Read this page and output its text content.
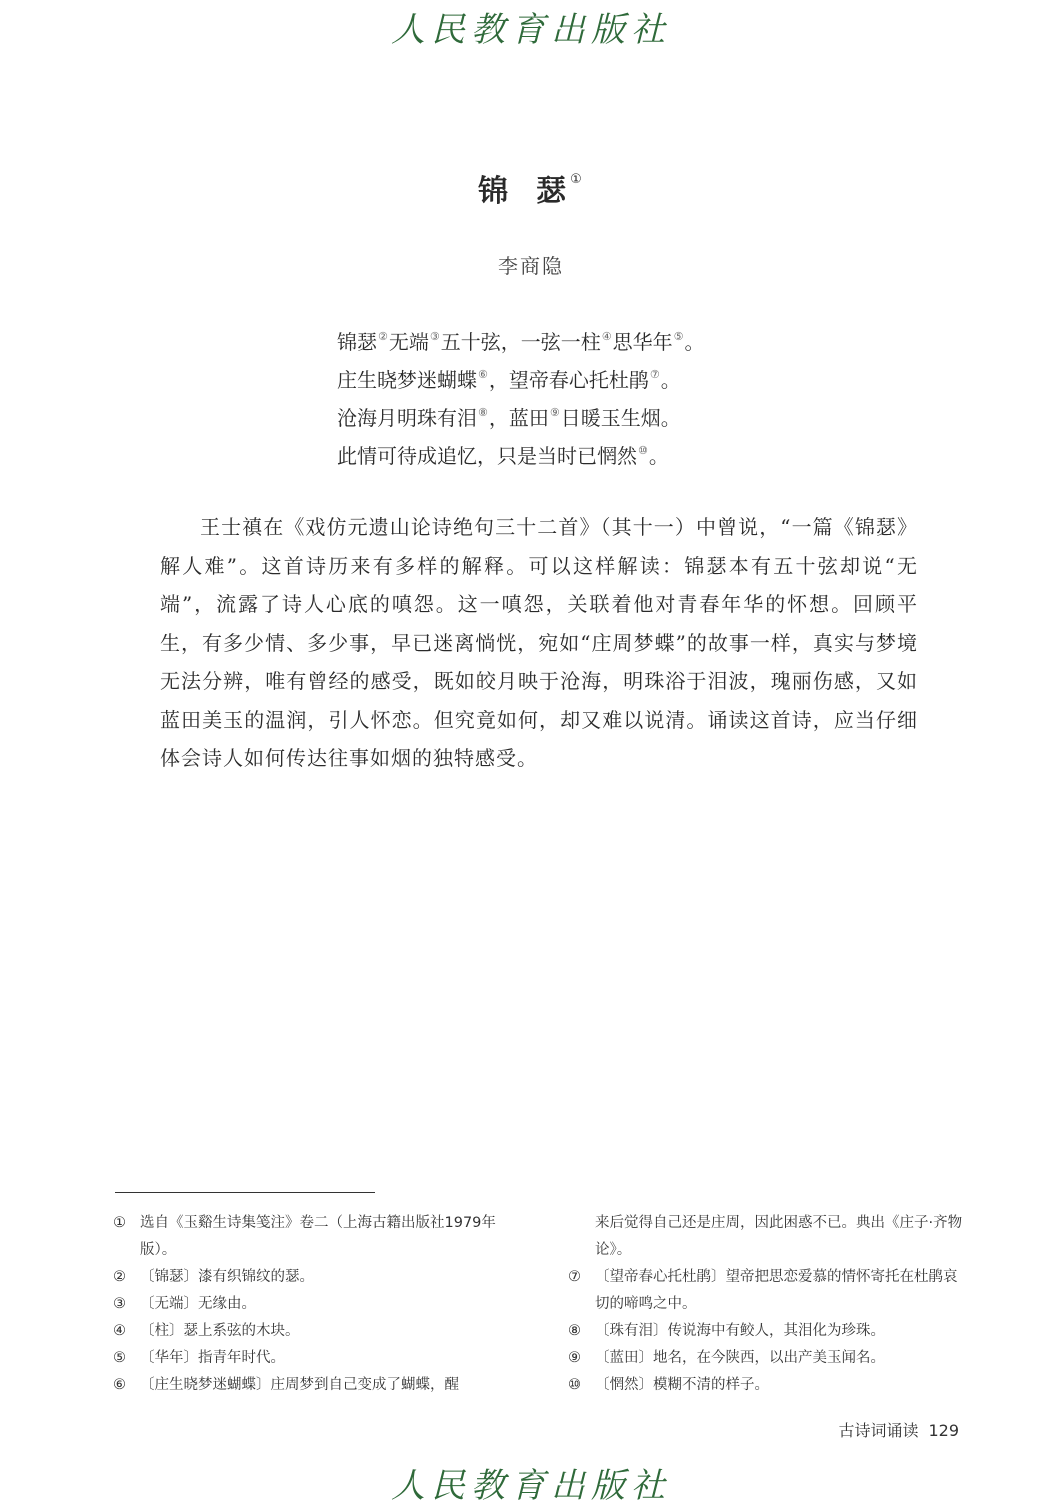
人民教育出版社
锦 瑟 ①
李商隐
锦瑟②无端③五十弦，一弦一柱④思华年⑤。
庄生晓梦迷蝴蝶⑥，望帝春心托杜鹃⑦。
沧海月明珠有泪⑧，蓝田⑨日暖玉生烟。
此情可待成追忆，只是当时已惘然⑩。
王士禛在《戏仿元遗山论诗绝句三十二首》（其十一）中曾说，“一篇《锦瑟》解人难”。这首诗历来有多样的解释。可以这样解读：锦瑟本有五十弦却说“无端”，流露了诗人心底的嗔怨。这一嗔怨，关联着他对青春年华的怀想。回顾平生，有多少情、多少事，早已迷离惝恍，宛如“庄周梦蝶”的故事一样，真实与梦境无法分辨，唯有曾经的感受，既如皎月映于沧海，明珠浴于泪波，瑰丽伤感，又如蓝田美玉的温润，引人怀恋。但究竟如何，却又难以说清。诵读这首诗，应当仔细体会诗人如何传达往事如烟的独特感受。
① 选自《玉谿生诗集笺注》卷二（上海古籍出版社1979年版）。
② 〔锦瑟〕漆有织锦纹的瑟。
③ 〔无端〕无缘由。
④ 〔柱〕瑟上系弦的木块。
⑤ 〔华年〕指青年时代。
⑥ 〔庄生晓梦迷蝴蝶〕庄周梦到自己变成了蝴蝶，醒
来后觉得自己还是庄周，因此困惑不已。典出《庄子·齐物论》。
⑦ 〔望帝春心托杜鹃〕望帝把思恋爱慕的情怀寄托在杜鹃哀切的啼鸣之中。
⑧ 〔珠有泪〕传说海中有鲛人，其泪化为珍珠。
⑨ 〔蓝田〕地名，在今陕西，以出产美玉闻名。
⑩ 〔惘然〕模糊不清的样子。
古诗词诵读 129
人民教育出版社
